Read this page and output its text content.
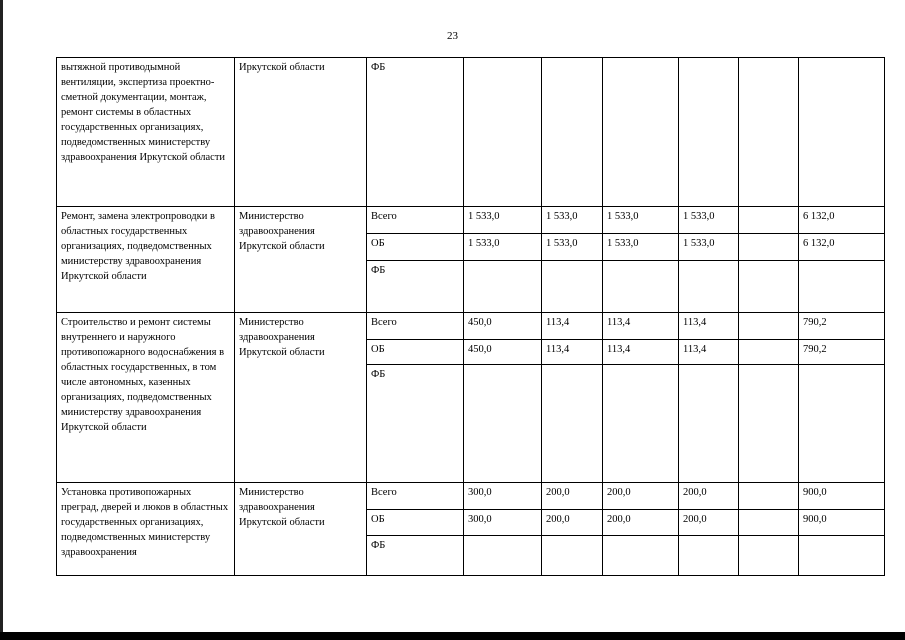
23
вытяжной противодымной вентиляции, экспертиза проектно-сметной документации, монтаж, ремонт системы в областных государственных организациях, подведомственных министерству здравоохранения Иркутской области	Иркутской области	ФБ						
Ремонт, замена электропроводки в областных государственных организациях, подведомственных министерству здравоохранения Иркутской области	Министерство здравоохранения Иркутской области	Всего	1 533,0	1 533,0	1 533,0	1 533,0		6 132,0
		ОБ	1 533,0	1 533,0	1 533,0	1 533,0		6 132,0
		ФБ						
Строительство и ремонт системы внутреннего и наружного противопожарного водоснабжения в областных государственных, в том числе автономных, казенных организациях, подведомственных министерству здравоохранения Иркутской области	Министерство здравоохранения Иркутской области	Всего	450,0	113,4	113,4	113,4		790,2
		ОБ	450,0	113,4	113,4	113,4		790,2
		ФБ						
Установка противопожарных преград, дверей и люков в областных государственных организациях, подведомственных министерству здравоохранения	Министерство здравоохранения Иркутской области	Всего	300,0	200,0	200,0	200,0		900,0
		ОБ	300,0	200,0	200,0	200,0		900,0
		ФБ						
